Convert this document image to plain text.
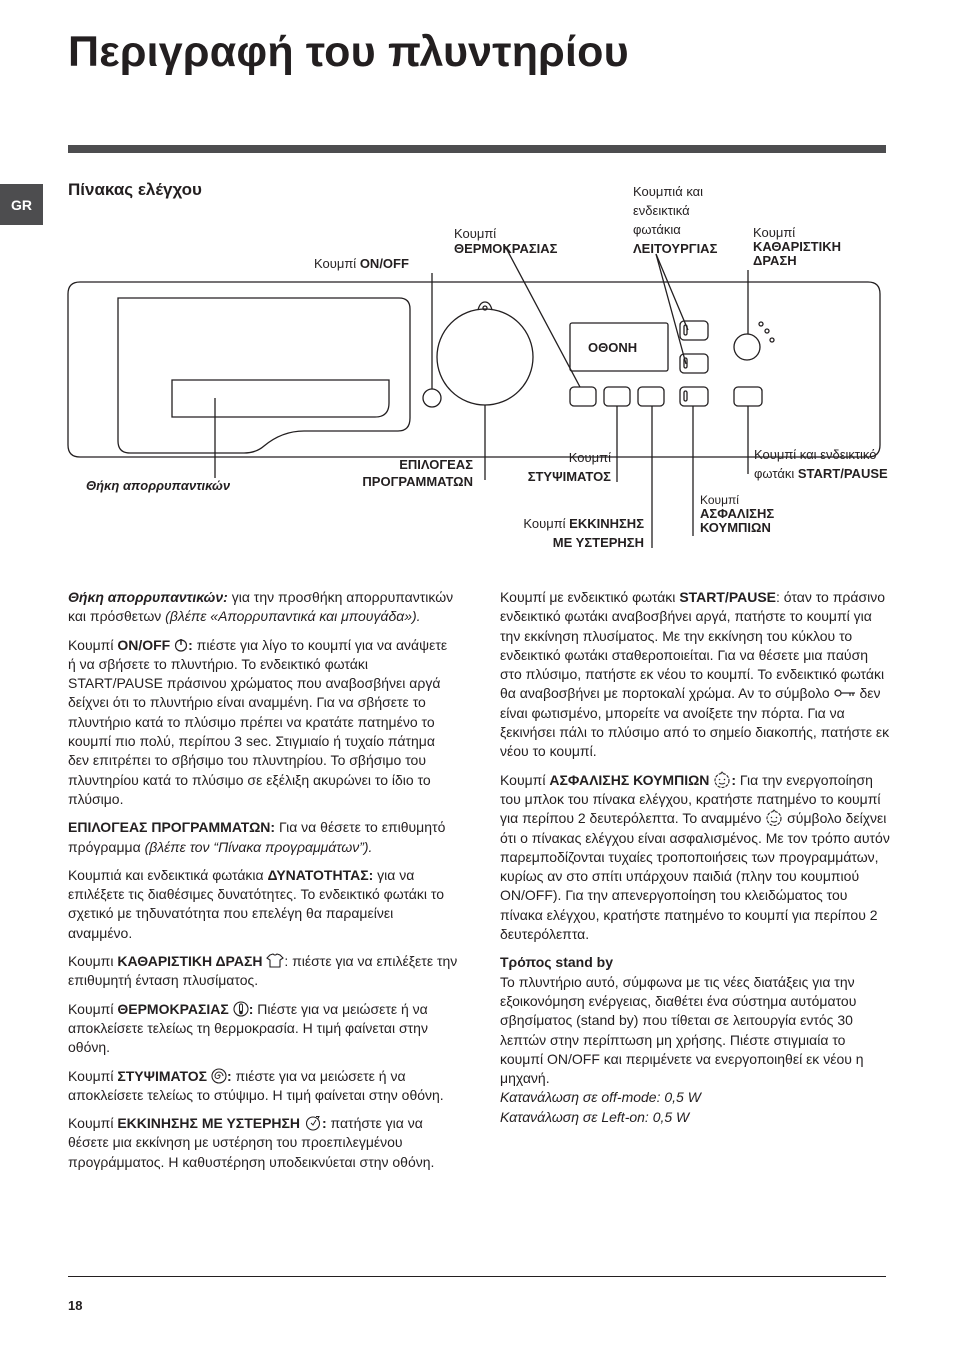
Περιγραφή του πλυντηρίου
GR
Πίνακας ελέγχου
Κουμπί ON/OFF
Κουμπί
ΘΕΡΜΟΚΡΑΣΙΑΣ
Κουμπιά και
ενδεικτικά
φωτάκια
ΛΕΙΤΟΥΡΓΙΑΣ
Κουμπί
ΚΑΘΑΡΙΣΤΙΚΗ
ΔΡΑΣΗ
ΟΘΟΝΗ
Θήκη απορρυπαντικών
ΕΠΙΛΟΓΕΑΣ
ΠΡΟΓΡΑΜΜΑΤΩΝ
Κουμπί
ΣΤΥΨΙΜΑΤΟΣ
Κουμπί ΕΚΚΙΝΗΣΗΣ
ΜΕ ΥΣΤΕΡΗΣΗ
Κουμπί
ΑΣΦΑΛΙΣΗΣ
ΚΟΥΜΠΙΩΝ
Κουμπί και ενδεικτικό
φωτάκι START/PAUSE

Θήκη απορρυπαντικών: για την προσθήκη απορρυπαντικών και πρόσθετων (βλέπε «Απορρυπαντικά και μπουγάδα»).

Κουμπί ON/OFF : πιέστε για λίγο το κουμπί για να ανάψετε ή να σβήσετε το πλυντήριο. Το ενδεικτικό φωτάκι START/PAUSE πράσινου χρώματος που αναβοσβήνει αργά δείχνει ότι το πλυντήριο είναι αναμμένη. Για να σβήσετε το πλυντήριο κατά το πλύσιμο πρέπει να κρατάτε πατημένο το κουμπί πιο πολύ, περίπου 3 sec. Στιγμιαίο ή τυχαίο πάτημα δεν επιτρέπει το σβήσιμο του πλυντηρίου. Το σβήσιμο του πλυντηρίου κατά το πλύσιμο σε εξέλιξη ακυρώνει το ίδιο το πλύσιμο.

ΕΠΙΛΟΓΕΑΣ ΠΡΟΓΡΑΜΜΑΤΩΝ: Για να θέσετε το επιθυμητό πρόγραμμα (βλέπε τον “Πίνακα προγραμμάτων”).

Κουμπιά και ενδεικτικά φωτάκια ΔΥΝΑΤΟΤΗΤΑΣ: για να επιλέξετε τις διαθέσιμες δυνατότητες. Το ενδεικτικό φωτάκι το σχετικό με τηδυνατότητα που επελέγη θα παραμείνει αναμμένο.

Κουμπι ΚΑΘΑΡΙΣΤΙΚΗ ΔΡΑΣΗ : πιέστε για να επιλέξετε την επιθυμητή ένταση πλυσίματος.

Κουμπί ΘΕΡΜΟΚΡΑΣΙΑΣ : Πιέστε για να μειώσετε ή να αποκλείσετε τελείως τη θερμοκρασία. Η τιμή φαίνεται στην οθόνη.

Κουμπί ΣΤΥΨΙΜΑΤΟΣ : πιέστε για να μειώσετε ή να αποκλείσετε τελείως το στύψιμο. Η τιμή φαίνεται στην οθόνη.

Κουμπί ΕΚΚΙΝΗΣΗΣ ΜΕ ΥΣΤΕΡΗΣΗ : πατήστε για να θέσετε μια εκκίνηση με υστέρηση του προεπιλεγμένου προγράμματος. Η καθυστέρηση υποδεικνύεται στην οθόνη.

Κουμπί με ενδεικτικό φωτάκι START/PAUSE: όταν το πράσινο ενδεικτικό φωτάκι αναβοσβήνει αργά, πατήστε το κουμπί για την εκκίνηση πλυσίματος. Με την εκκίνηση του κύκλου το ενδεικτικό φωτάκι σταθεροποιείται. Για να θέσετε μια παύση στο πλύσιμο, πατήστε εκ νέου το κουμπί. Το ενδεικτικό φωτάκι θα αναβοσβήνει με πορτοκαλί χρώμα. Αν το σύμβολο  δεν είναι φωτισμένο, μπορείτε να ανοίξετε την πόρτα. Για να ξεκινήσει πάλι το πλύσιμο από το σημείο διακοπής, πατήστε εκ νέου το κουμπί.

Κουμπί ΑΣΦΑΛΙΣΗΣ ΚΟΥΜΠΙΩΝ : Για την ενεργοποίηση του μπλοκ του πίνακα ελέγχου, κρατήστε πατημένο το κουμπί για περίπου 2 δευτερόλεπτα. Το αναμμένο  σύμβολο δείχνει ότι ο πίνακας ελέγχου είναι ασφαλισμένος. Με τον τρόπο αυτόν παρεμποδίζονται τυχαίες τροποποιήσεις των προγραμμάτων, κυρίως αν στο σπίτι υπάρχουν παιδιά (πλην του κουμπιού ON/OFF). Για την απενεργοποίηση του κλειδώματος του πίνακα ελέγχου, κρατήστε πατημένο το κουμπί για περίπου 2 δευτερόλεπτα.

Τρόπος stand by
Το πλυντήριο αυτό, σύμφωνα με τις νέες διατάξεις για την εξοικονόμηση ενέργειας, διαθέτει ένα σύστημα αυτόματου σβησίματος (stand by) που τίθεται σε λειτουργία εντός 30 λεπτών στην περίπτωση μη χρήσης. Πιέστε στιγμιαία το κουμπί ON/OFF και περιμένετε να ενεργοποιηθεί εκ νέου η μηχανή.
Κατανάλωση σε off-mode: 0,5 W
Κατανάλωση σε Left-on: 0,5 W
18
